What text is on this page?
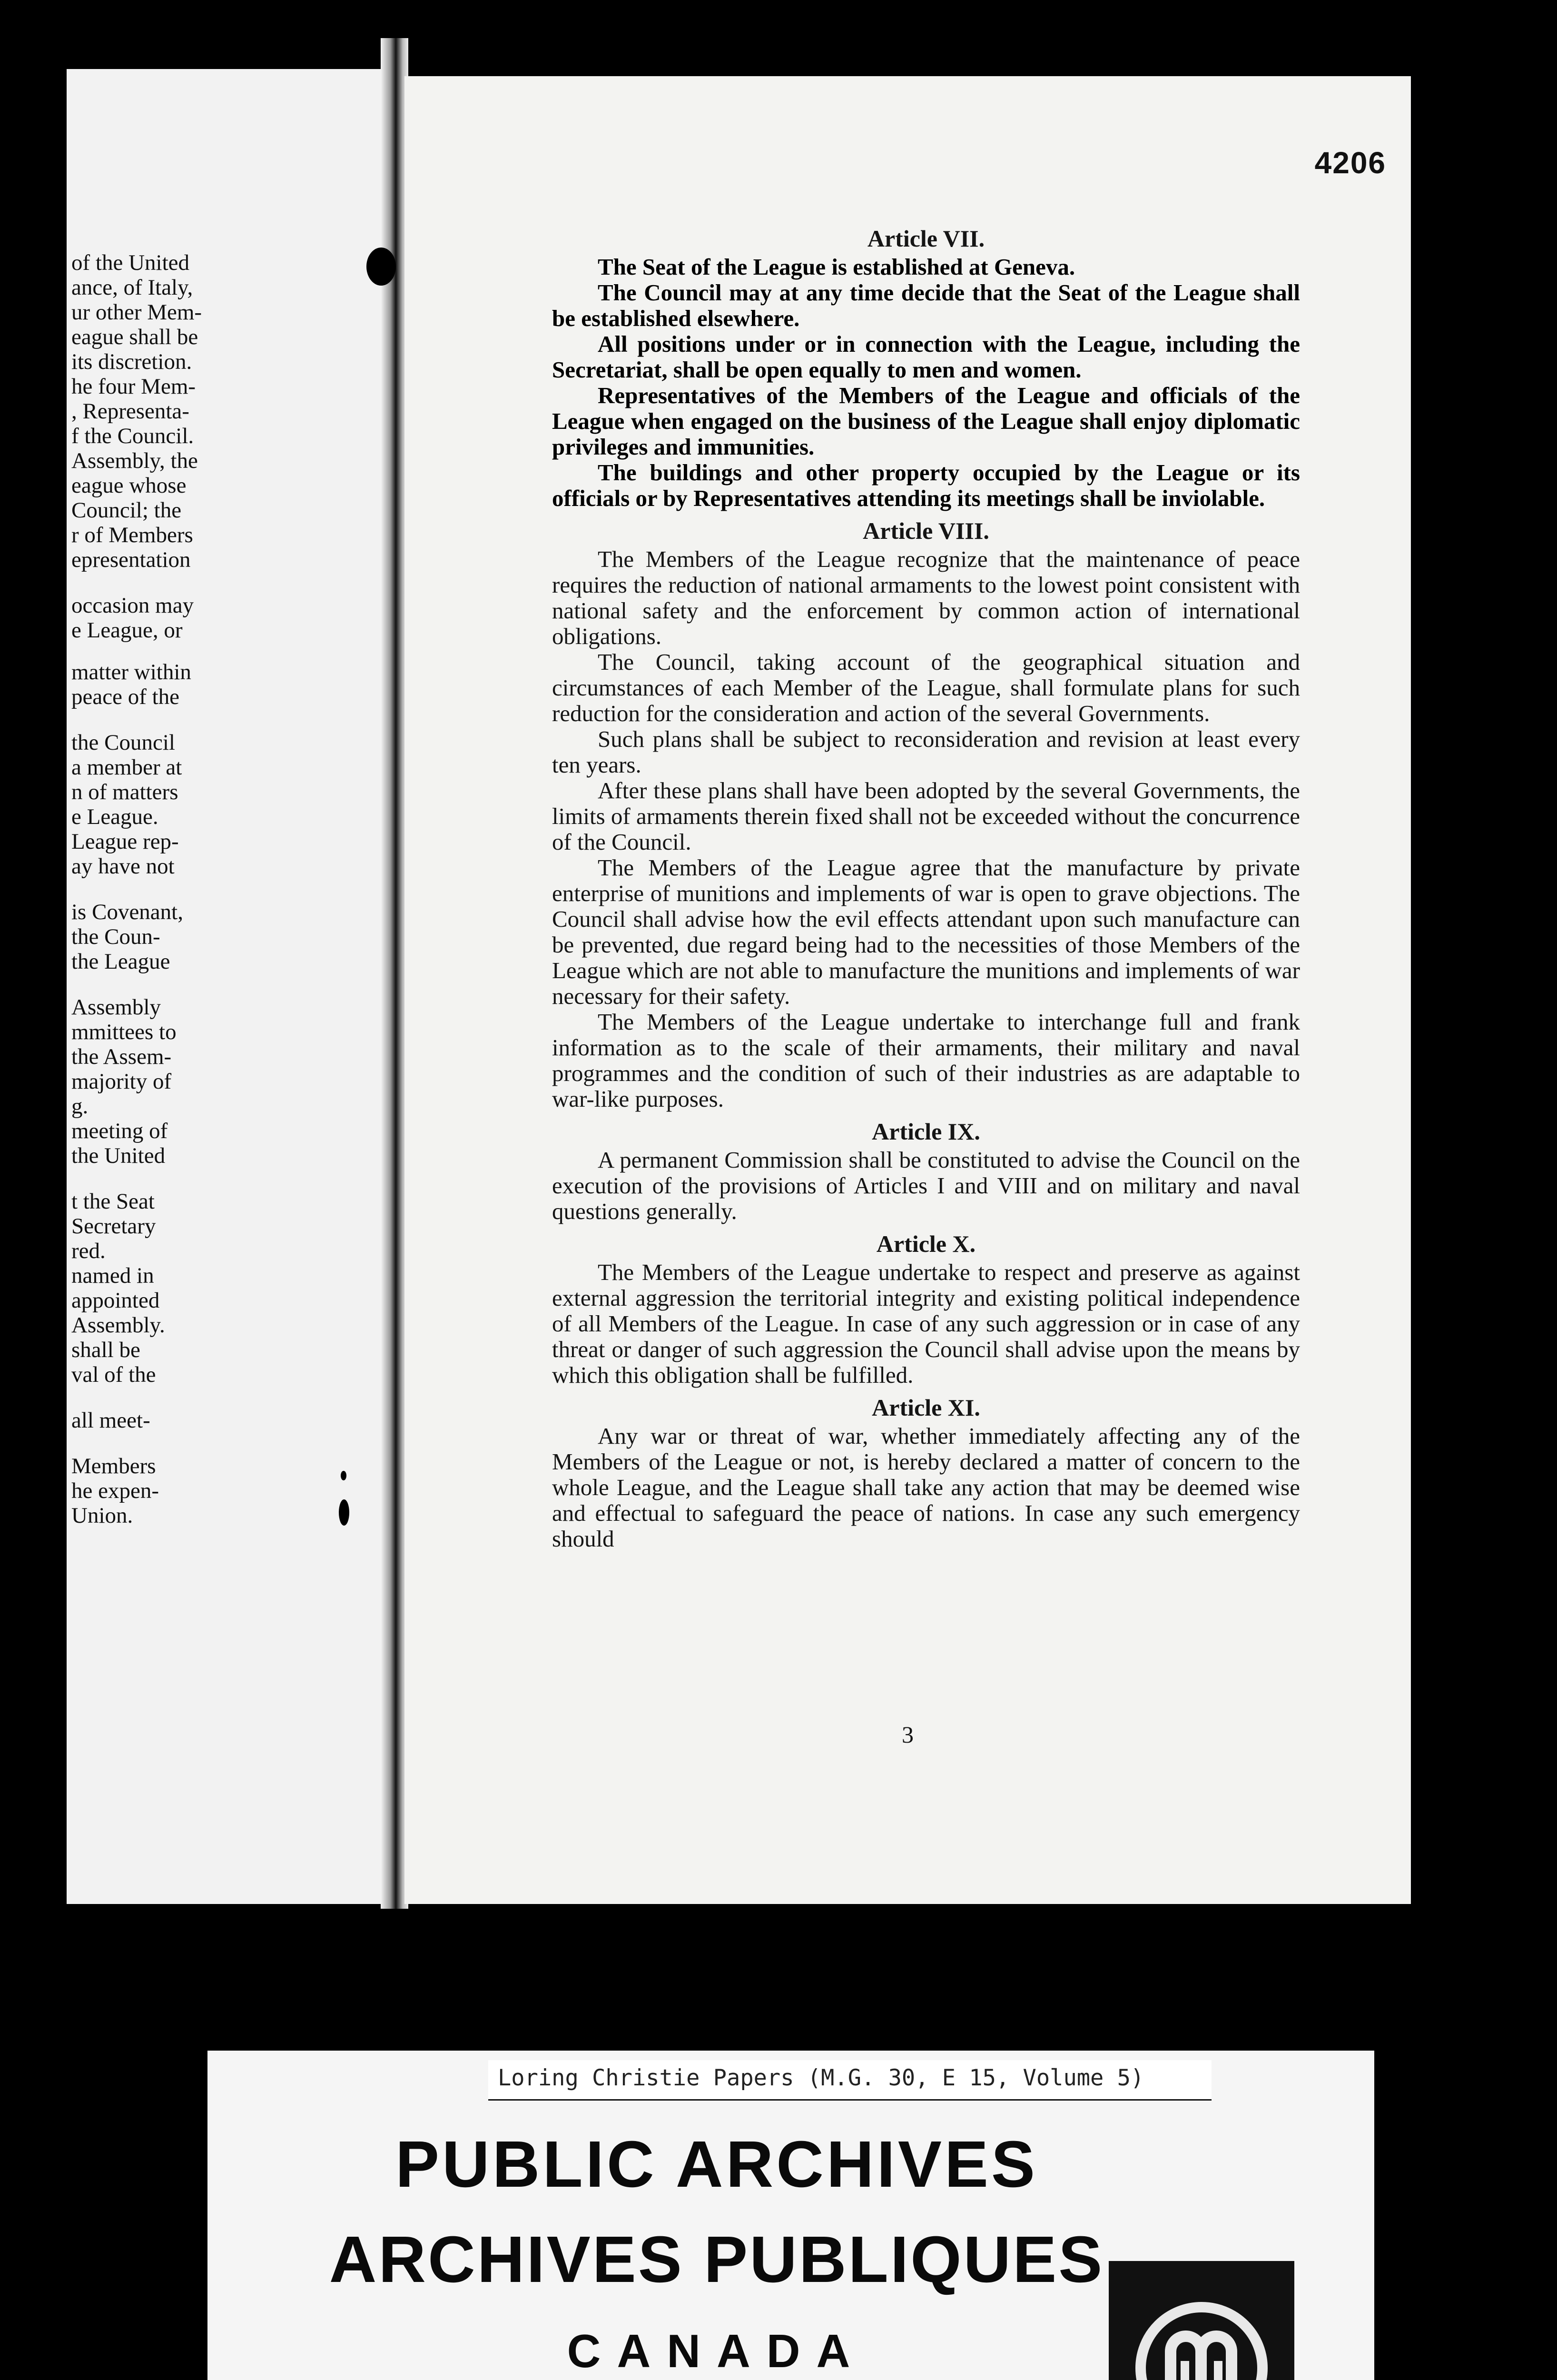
of the United
ance, of Italy,
ur other Mem-
eague shall be
its discretion.
he four Mem-
, Representa-
f the Council.
Assembly, the
eague whose
Council; the
r of Members
epresentation
occasion may
e League, or
matter within
peace of the
the Council
a member at
n of matters
e League.
League rep-
ay have not
is Covenant,
the Coun-
the League
Assembly
mmittees to
the Assem-
majority of
g.
meeting of
the United
t the Seat
Secretary
red.
named in
appointed
Assembly.
shall be
val of the
all meet-
Members
he expen-
Union.
4206
Article VII.

The Seat of the League is established at Geneva.

The Council may at any time decide that the Seat of the League shall be established elsewhere.

All positions under or in connection with the League, including the Secretariat, shall be open equally to men and women.

Representatives of the Members of the League and officials of the League when engaged on the business of the League shall enjoy diplomatic privileges and immunities.

The buildings and other property occupied by the League or its officials or by Representatives attending its meetings shall be inviolable.

Article VIII.

The Members of the League recognize that the maintenance of peace requires the reduction of national armaments to the lowest point consistent with national safety and the enforcement by common action of international obligations.

The Council, taking account of the geographical situation and circumstances of each Member of the League, shall formulate plans for such reduction for the consideration and action of the several Governments.

Such plans shall be subject to reconsideration and revision at least every ten years.

After these plans shall have been adopted by the several Governments, the limits of armaments therein fixed shall not be exceeded without the concurrence of the Council.

The Members of the League agree that the manufacture by private enterprise of munitions and implements of war is open to grave objections. The Council shall advise how the evil effects attendant upon such manufacture can be prevented, due regard being had to the necessities of those Members of the League which are not able to manufacture the munitions and implements of war necessary for their safety.

The Members of the League undertake to interchange full and frank information as to the scale of their armaments, their military and naval programmes and the condition of such of their industries as are adaptable to war-like purposes.

Article IX.

A permanent Commission shall be constituted to advise the Council on the execution of the provisions of Articles I and VIII and on military and naval questions generally.

Article X.

The Members of the League undertake to respect and preserve as against external aggression the territorial integrity and existing political independence of all Members of the League. In case of any such aggression or in case of any threat or danger of such aggression the Council shall advise upon the means by which this obligation shall be fulfilled.

Article XI.

Any war or threat of war, whether immediately affecting any of the Members of the League or not, is hereby declared a matter of concern to the whole League, and the League shall take any action that may be deemed wise and effectual to safeguard the peace of nations. In case any such emergency should

3
Loring Christie Papers (M.G. 30, E 15, Volume 5)
PUBLIC ARCHIVES
ARCHIVES PUBLIQUES
CANADA
